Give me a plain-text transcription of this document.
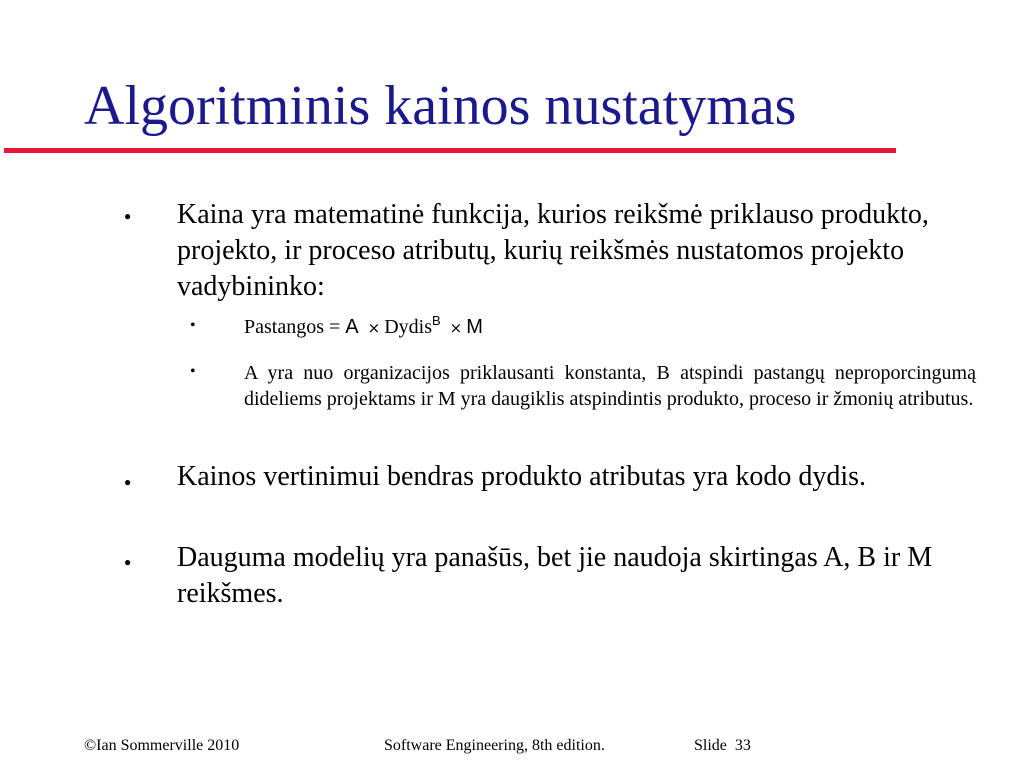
Algoritminis kainos nustatymas
● Kaina yra matematinė funkcija, kurios reikšmė priklauso produkto, projekto, ir proceso atributų, kurių reikšmės nustatomos projekto vadybininko:
• Pastangos = A × Dydis$^B$ × M
• A yra nuo organizacijos priklausanti konstanta, B atspindi pastangų neproporcingumą dideliems projektams ir M yra daugiklis atspindintis produkto, proceso ir žmonių atributus.
● Kainos vertinimui bendras produkto atributas yra kodo dydis.
● Dauguma modelių yra panašūs, bet jie naudoja skirtingas A, B ir M reikšmes.
©Ian Sommerville 2010	Software Engineering, 8th edition.	Slide 33
